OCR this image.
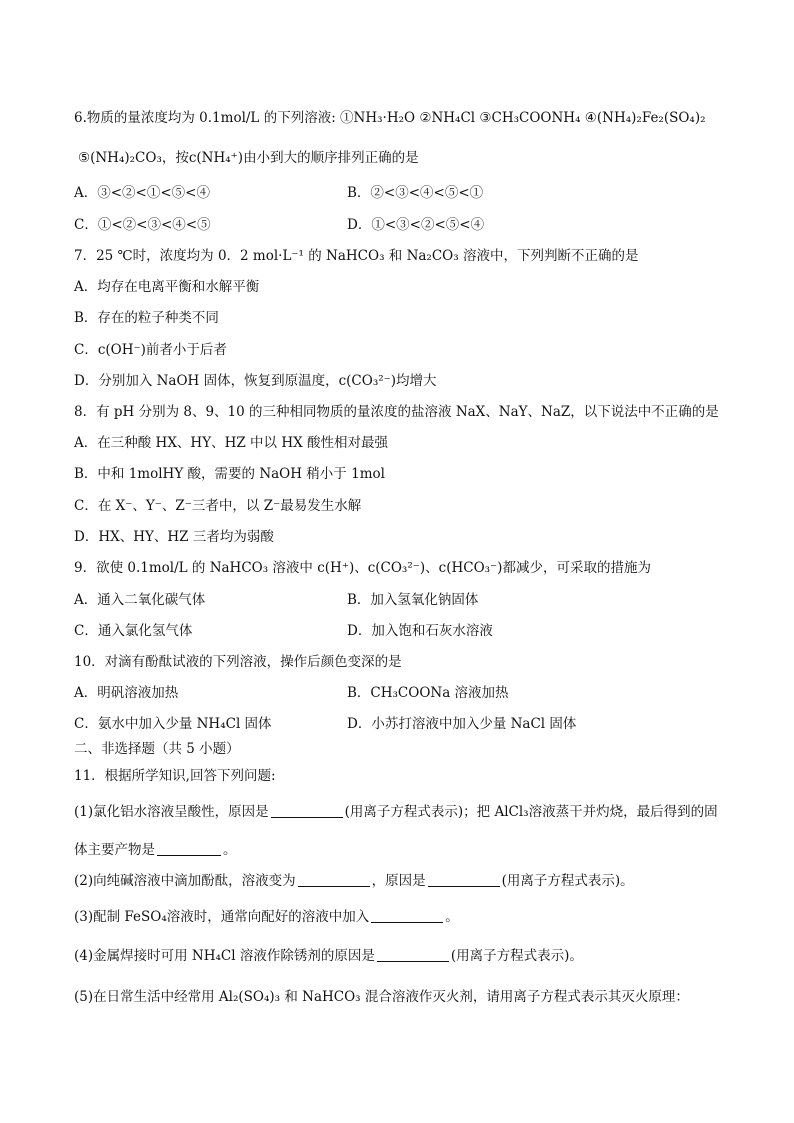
6.物质的量浓度均为 0.1mol/L 的下列溶液: ①NH₃·H₂O ②NH₄Cl ③CH₃COONH₄ ④(NH₄)₂Fe₂(SO₄)₂
⑤(NH₄)₂CO₃，按c(NH₄⁺)由小到大的顺序排列正确的是
A．③<②<①<⑤<④	B．②<③<④<⑤<①
C．①<②<③<④<⑤	D．①<③<②<⑤<④
7．25 ℃时，浓度均为 0．2 mol·L⁻¹ 的 NaHCO₃ 和 Na₂CO₃ 溶液中，下列判断不正确的是
A．均存在电离平衡和水解平衡
B．存在的粒子种类不同
C．c(OH⁻)前者小于后者
D．分别加入 NaOH 固体，恢复到原温度，c(CO₃²⁻)均增大
8．有 pH 分别为 8、9、10 的三种相同物质的量浓度的盐溶液 NaX、NaY、NaZ，以下说法中不正确的是
A．在三种酸 HX、HY、HZ 中以 HX 酸性相对最强
B．中和 1molHY 酸，需要的 NaOH 稍小于 1mol
C．在 X⁻、Y⁻、Z⁻三者中，以 Z⁻最易发生水解
D．HX、HY、HZ 三者均为弱酸
9．欲使 0.1mol/L 的 NaHCO₃ 溶液中 c(H⁺)、c(CO₃²⁻)、c(HCO₃⁻)都减少，可采取的措施为
A．通入二氧化碳气体	B．加入氢氧化钠固体
C．通入氯化氢气体	D．加入饱和石灰水溶液
10．对滴有酚酞试液的下列溶液，操作后颜色变深的是
A．明矾溶液加热	B．CH₃COONa 溶液加热
C．氨水中加入少量 NH₄Cl 固体	D．小苏打溶液中加入少量 NaCl 固体
二、非选择题（共 5 小题）
11．根据所学知识,回答下列问题:
(1)氯化铝水溶液呈酸性，原因是	(用离子方程式表示)；把 AlCl₃溶液蒸干并灼烧，最后得到的固
体主要产物是	。
(2)向纯碱溶液中滴加酚酞，溶液变为	，原因是	(用离子方程式表示)。
(3)配制 FeSO₄溶液时，通常向配好的溶液中加入	。
(4)金属焊接时可用 NH₄Cl 溶液作除锈剂的原因是	(用离子方程式表示)。
(5)在日常生活中经常用 Al₂(SO₄)₃ 和 NaHCO₃ 混合溶液作灭火剂，请用离子方程式表示其灭火原理：
